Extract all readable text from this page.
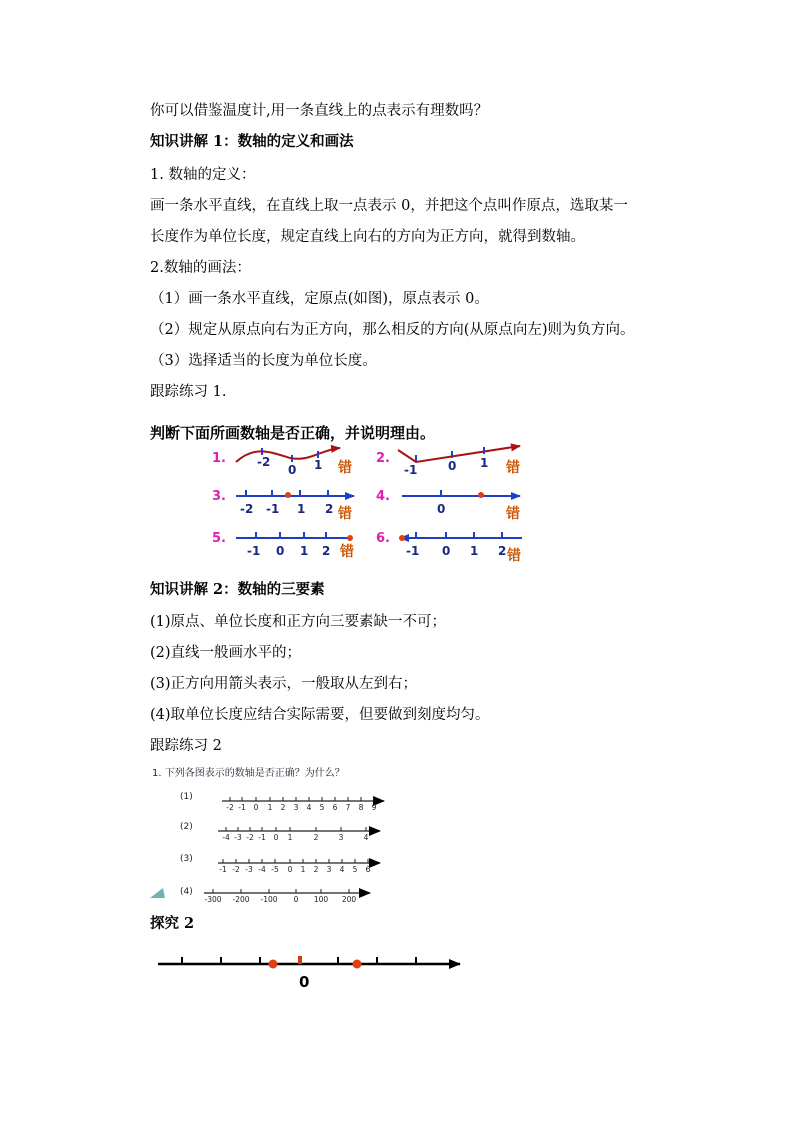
你可以借鉴温度计,用一条直线上的点表示有理数吗？
知识讲解 1：数轴的定义和画法
1. 数轴的定义：
画一条水平直线，在直线上取一点表示 0，并把这个点叫作原点，选取某一
长度作为单位长度，规定直线上向右的方向为正方向，就得到数轴。
2.数轴的画法：
（1）画一条水平直线，定原点(如图)，原点表示 0。
（2）规定从原点向右为正方向，那么相反的方向(从原点向左)则为负方向。
（3）选择适当的长度为单位长度。
跟踪练习 1.
知识讲解 2：数轴的三要素
(1)原点、单位长度和正方向三要素缺一不可；
(2)直线一般画水平的；
(3)正方向用箭头表示，一般取从左到右；
(4)取单位长度应结合实际需要，但要做到刻度均匀。
跟踪练习 2
探究 2
判断下面所画数轴是否正确，并说明理由。
1.	-2
0 1 错
2.
-1	0 1 错
3.
-2 -1 1 2 错
4.
0	错
5.
-1 0 1 2 错
6.
-1 0 1 2 错
1. 下列各图表示的数轴是否正确？为什么？
(1)
-2 -1 0 1 2 3 4 5 6 7 8 9
(2)
-4 -3 -2 -1 0 1	2	3	4
(3)
-1 -2 -3 -4 -5 0 1 2 3 4 5 6
(4)
-300 -200 -100 0 100 200
0
